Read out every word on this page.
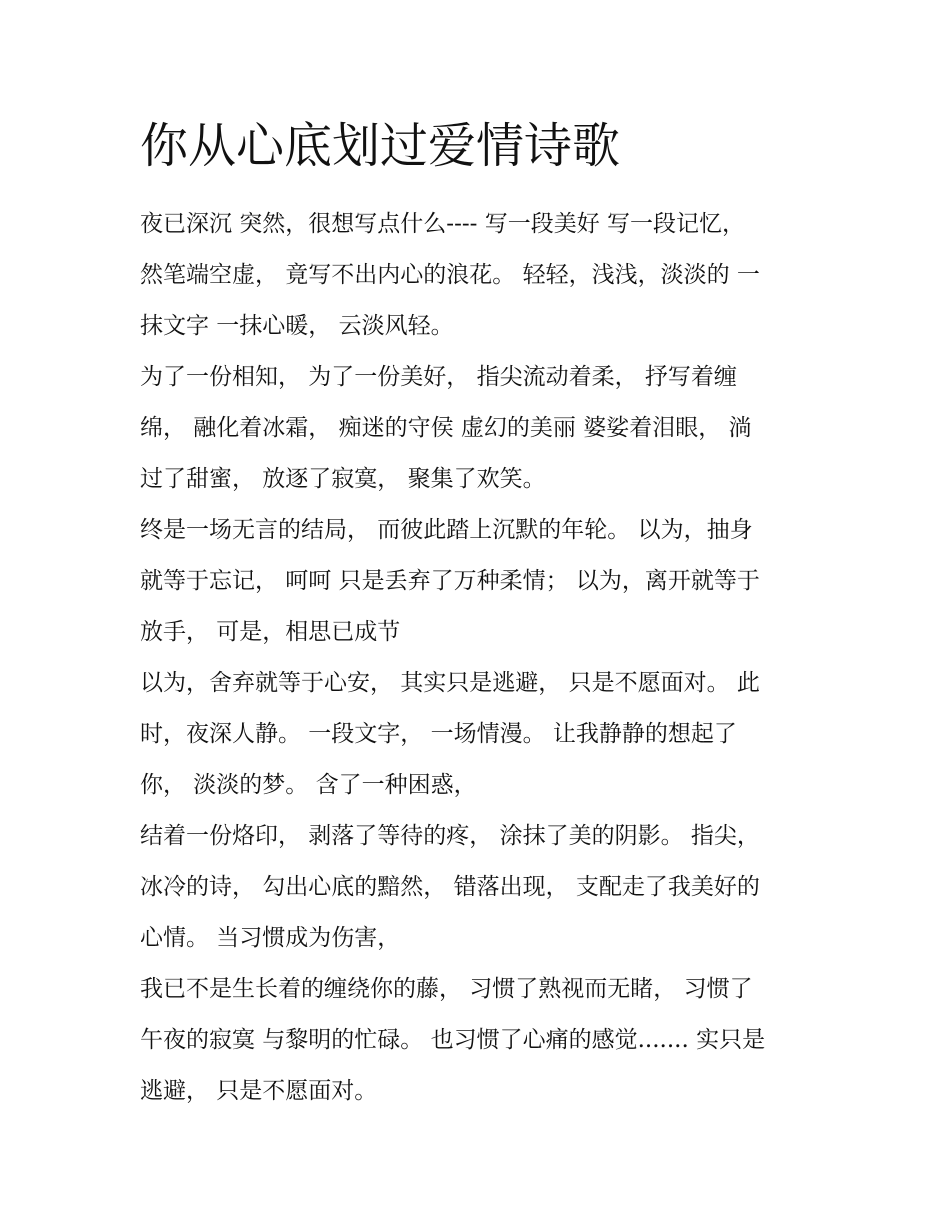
你从心底划过爱情诗歌

夜已深沉 突然，很想写点什么---- 写一段美好 写一段记忆，
然笔端空虚， 竟写不出内心的浪花。 轻轻，浅浅，淡淡的 一
抹文字 一抹心暖， 云淡风轻。

为了一份相知， 为了一份美好， 指尖流动着柔， 抒写着缠
绵， 融化着冰霜， 痴迷的守侯 虚幻的美丽 婆娑着泪眼， 淌
过了甜蜜， 放逐了寂寞， 聚集了欢笑。

终是一场无言的结局， 而彼此踏上沉默的年轮。 以为，抽身
就等于忘记， 呵呵 只是丢弃了万种柔情； 以为，离开就等于
放手， 可是，相思已成节

以为，舍弃就等于心安， 其实只是逃避， 只是不愿面对。 此
时，夜深人静。 一段文字， 一场情漫。 让我静静的想起了
你， 淡淡的梦。 含了一种困惑，

结着一份烙印， 剥落了等待的疼， 涂抹了美的阴影。 指尖，
冰冷的诗， 勾出心底的黯然， 错落出现， 支配走了我美好的
心情。 当习惯成为伤害，

我已不是生长着的缠绕你的藤， 习惯了熟视而无睹， 习惯了
午夜的寂寞 与黎明的忙碌。 也习惯了心痛的感觉....... 实只是
逃避， 只是不愿面对。
